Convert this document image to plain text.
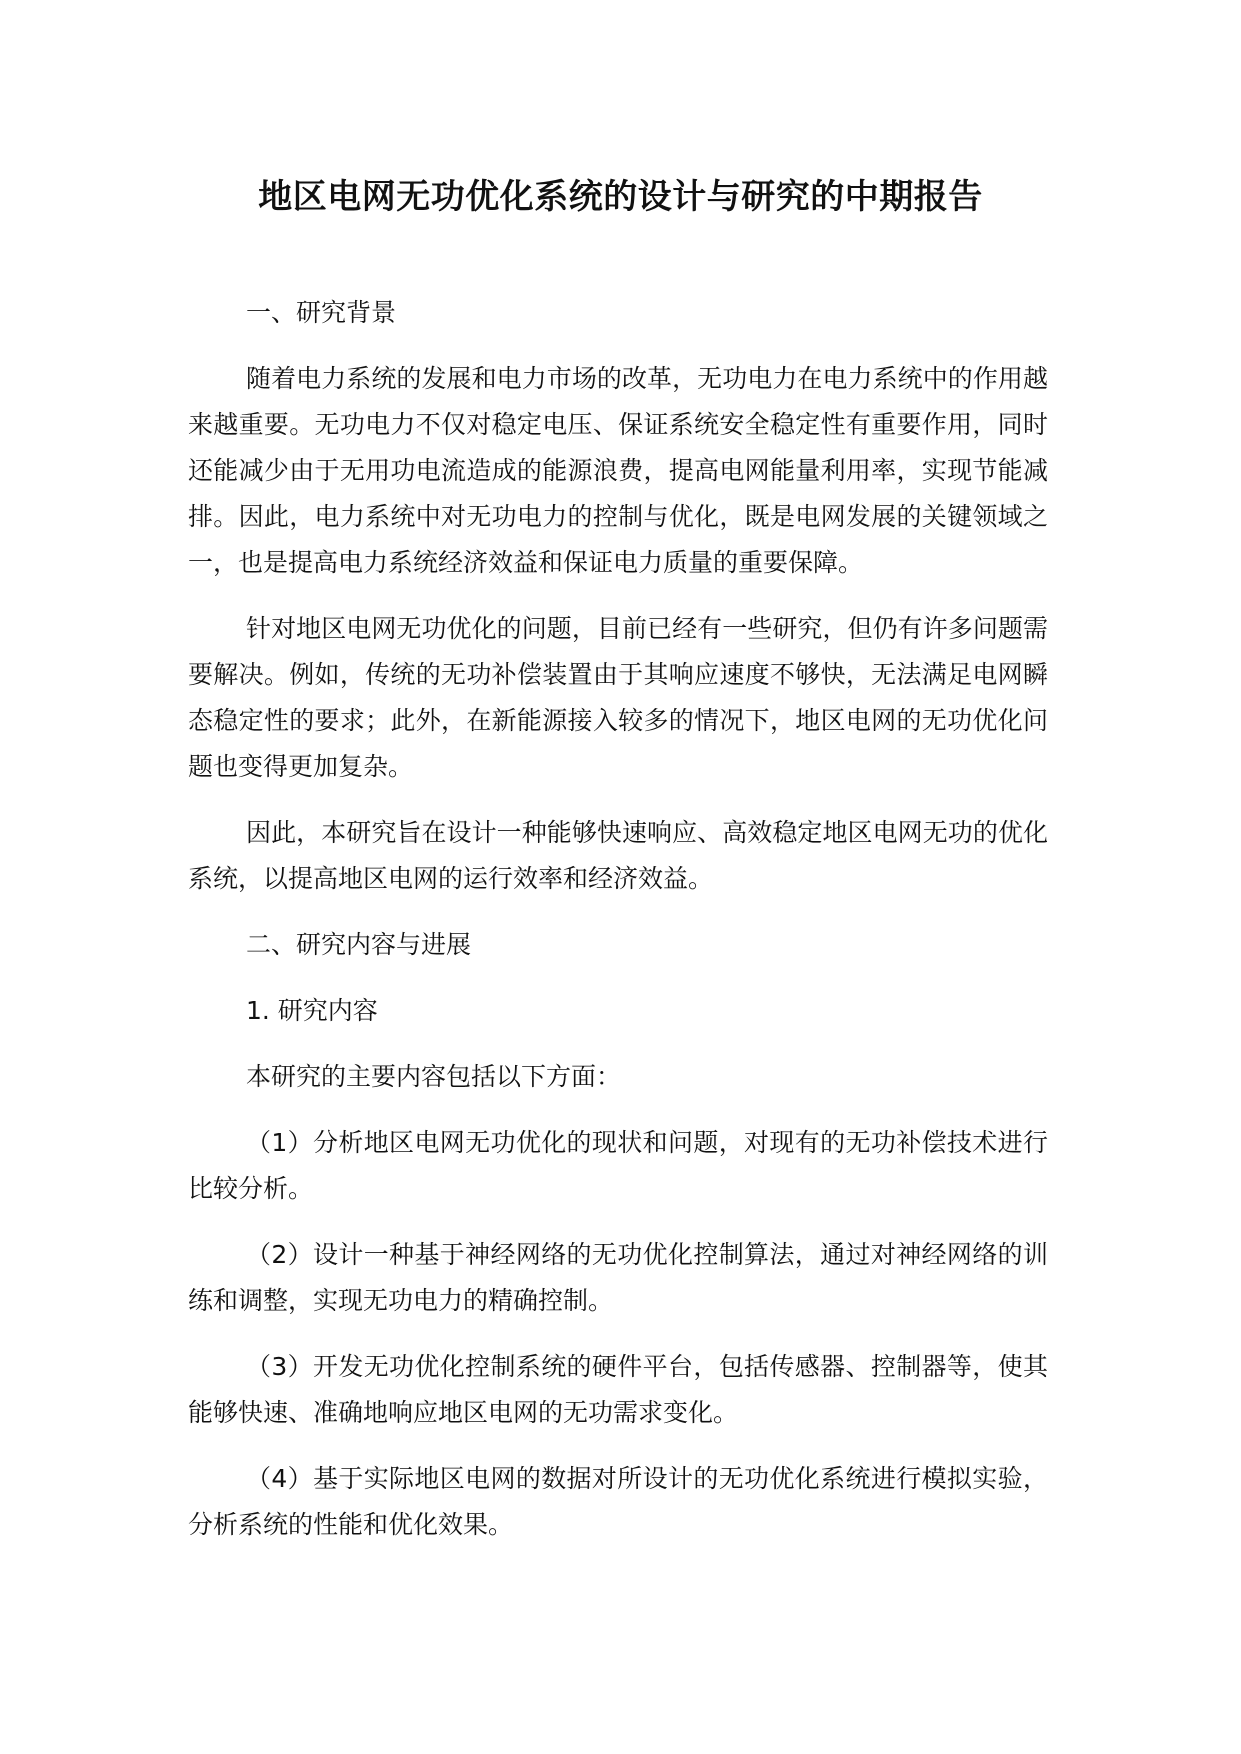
地区电网无功优化系统的设计与研究的中期报告

一、研究背景

随着电力系统的发展和电力市场的改革，无功电力在电力系统中的作用越来越重要。无功电力不仅对稳定电压、保证系统安全稳定性有重要作用，同时还能减少由于无用功电流造成的能源浪费，提高电网能量利用率，实现节能减排。因此，电力系统中对无功电力的控制与优化，既是电网发展的关键领域之一，也是提高电力系统经济效益和保证电力质量的重要保障。

针对地区电网无功优化的问题，目前已经有一些研究，但仍有许多问题需要解决。例如，传统的无功补偿装置由于其响应速度不够快，无法满足电网瞬态稳定性的要求；此外，在新能源接入较多的情况下，地区电网的无功优化问题也变得更加复杂。

因此，本研究旨在设计一种能够快速响应、高效稳定地区电网无功的优化系统，以提高地区电网的运行效率和经济效益。

二、研究内容与进展

1. 研究内容

本研究的主要内容包括以下方面：

（1）分析地区电网无功优化的现状和问题，对现有的无功补偿技术进行比较分析。

（2）设计一种基于神经网络的无功优化控制算法，通过对神经网络的训练和调整，实现无功电力的精确控制。

（3）开发无功优化控制系统的硬件平台，包括传感器、控制器等，使其能够快速、准确地响应地区电网的无功需求变化。

（4）基于实际地区电网的数据对所设计的无功优化系统进行模拟实验，分析系统的性能和优化效果。
